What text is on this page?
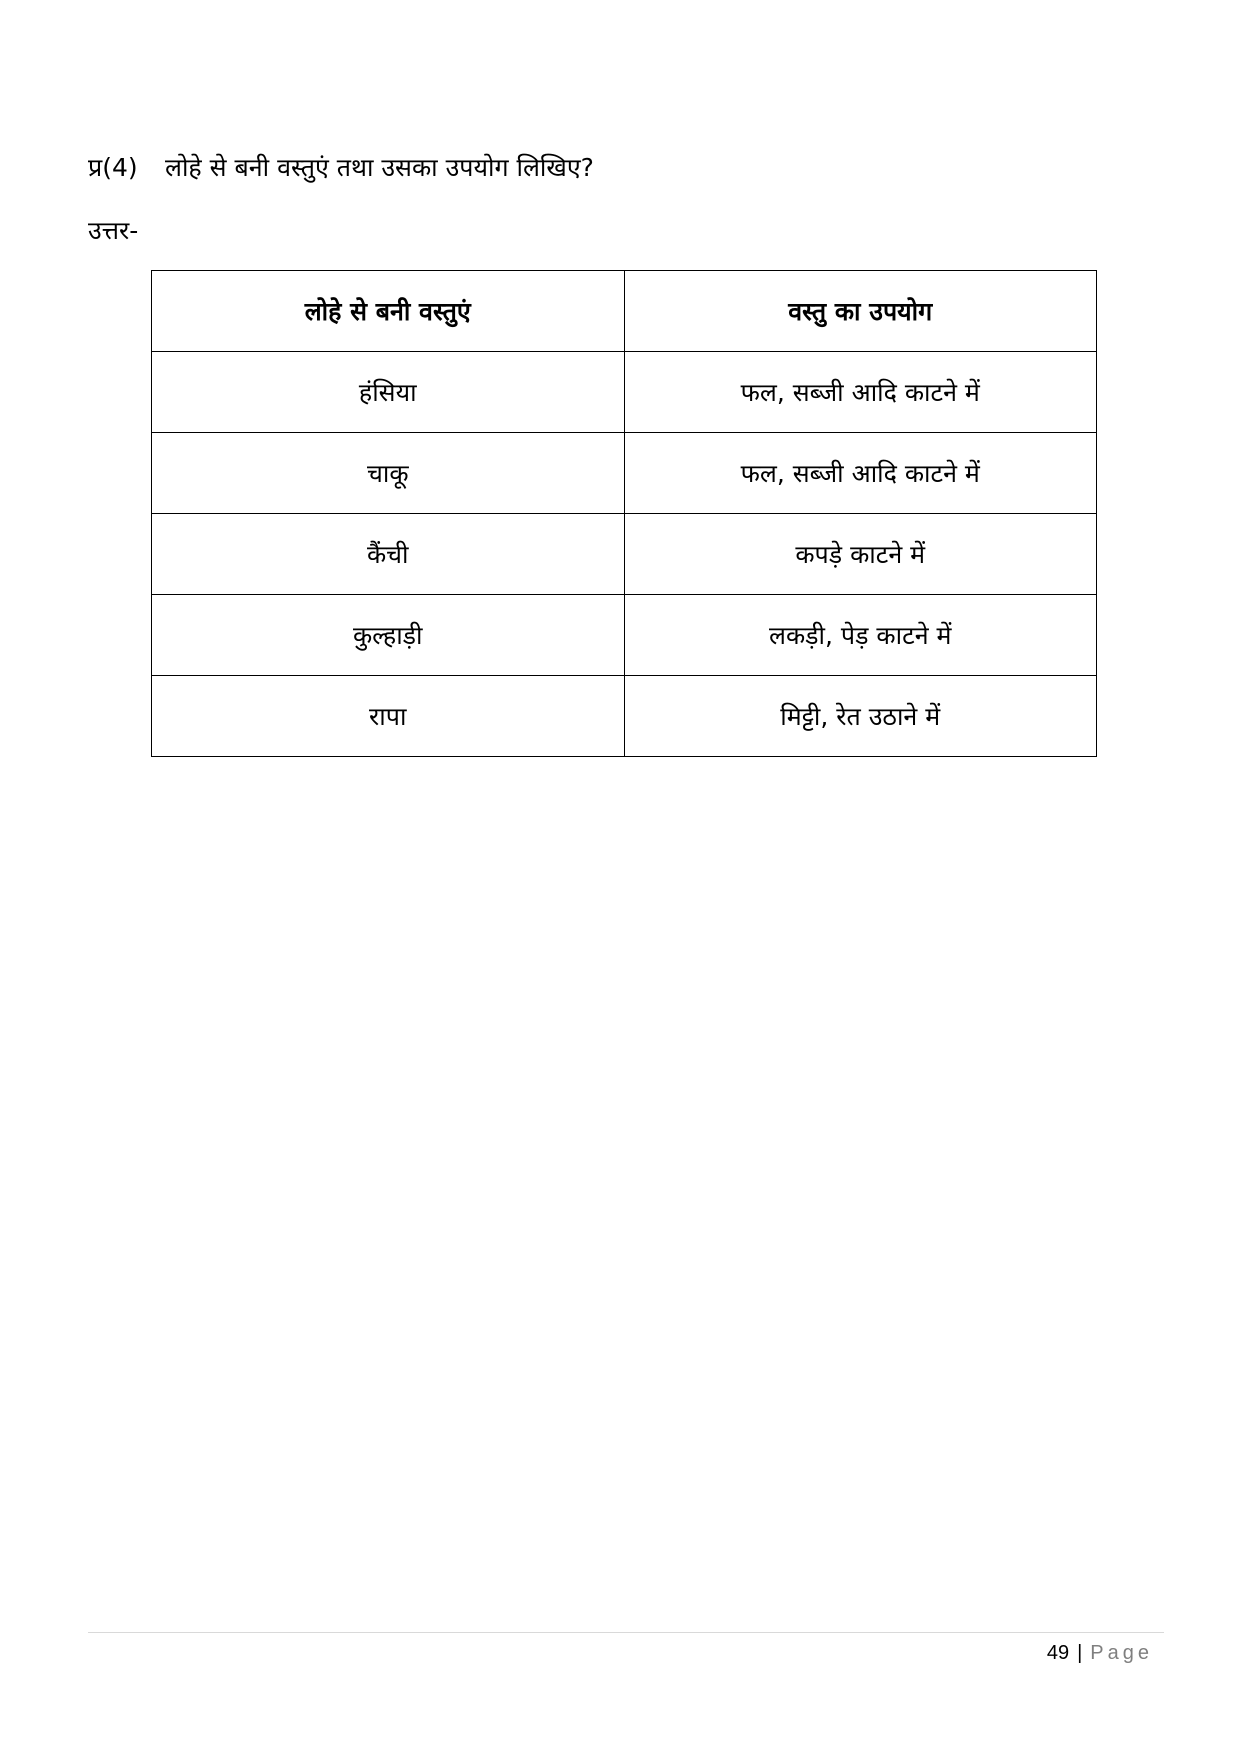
प्र(4) लोहे से बनी वस्तुएं तथा उसका उपयोग लिखिए?
उत्तर-
लोहे से बनी वस्तुएं	वस्तु का उपयोग
हंसिया	फल, सब्जी आदि काटने में
चाकू	फल, सब्जी आदि काटने में
कैंची	कपड़े काटने में
कुल्हाड़ी	लकड़ी, पेड़ काटने में
रापा	मिट्टी, रेत उठाने में
49 | Page
